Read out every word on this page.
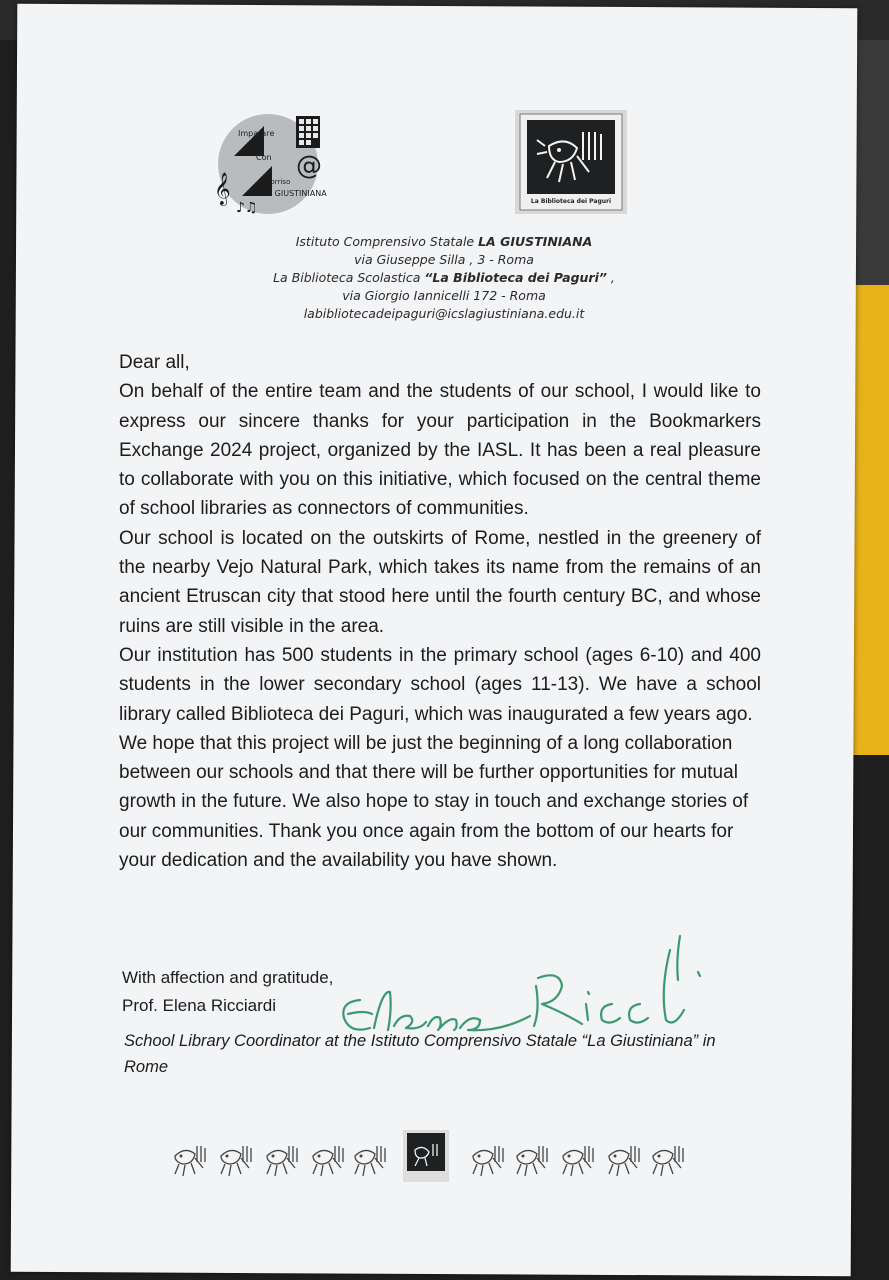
@
𝄞
♪♫
Imparare
Con
Sorriso
LA GIUSTINIANA
La Biblioteca dei Paguri
Istituto Comprensivo Statale LA GIUSTINIANA
via Giuseppe Silla , 3 - Roma
La Biblioteca Scolastica “La Biblioteca dei Paguri” ,
via Giorgio Iannicelli 172 - Roma
labibliotecadeipaguri@icslagiustiniana.edu.it

Dear all,

On behalf of the entire team and the students of our school, I would like to express our sincere thanks for your participation in the Bookmarkers Exchange 2024 project, organized by the IASL. It has been a real pleasure to collaborate with you on this initiative, which focused on the central theme of school libraries as connectors of communities.

Our school is located on the outskirts of Rome, nestled in the greenery of the nearby Vejo Natural Park, which takes its name from the remains of an ancient Etruscan city that stood here until the fourth century BC, and whose ruins are still visible in the area.

Our institution has 500 students in the primary school (ages 6-10) and 400 students in the lower secondary school (ages 11-13). We have a school library called Biblioteca dei Paguri, which was inaugurated a few years ago.

We hope that this project will be just the beginning of a long collaboration between our schools and that there will be further opportunities for mutual growth in the future. We also hope to stay in touch and exchange stories of our communities. Thank you once again from the bottom of our hearts for your dedication and the availability you have shown.

With affection and gratitude,
Prof. Elena Ricciardi
School Library Coordinator at the Istituto Comprensivo Statale “La Giustiniana” in Rome
